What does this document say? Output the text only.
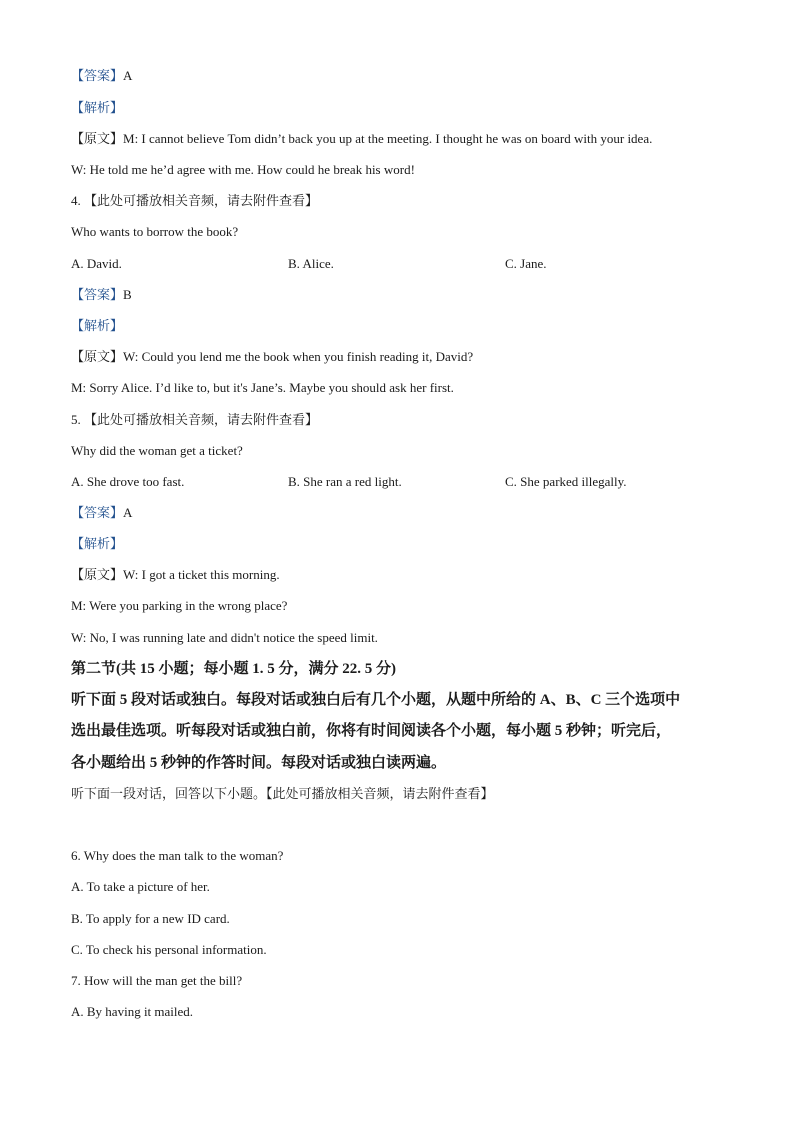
【答案】A
【解析】
【原文】M: I cannot believe Tom didn’t back you up at the meeting. I thought he was on board with your idea.
W: He told me he’d agree with me. How could he break his word!
4. 【此处可播放相关音频，请去附件查看】
Who wants to borrow the book?
A. David.	B. Alice.	C. Jane.
【答案】B
【解析】
【原文】W: Could you lend me the book when you finish reading it, David?
M: Sorry Alice. I’d like to, but it's Jane’s. Maybe you should ask her first.
5. 【此处可播放相关音频，请去附件查看】
Why did the woman get a ticket?
A. She drove too fast.	B. She ran a red light.	C. She parked illegally.
【答案】A
【解析】
【原文】W: I got a ticket this morning.
M: Were you parking in the wrong place?
W: No, I was running late and didn't notice the speed limit.
第二节(共 15 小题；每小题 1. 5 分，满分 22. 5 分)
听下面 5 段对话或独白。每段对话或独白后有几个小题，从题中所给的 A、B、C 三个选项中
选出最佳选项。听每段对话或独白前，你将有时间阅读各个小题，每小题 5 秒钟；听完后，
各小题给出 5 秒钟的作答时间。每段对话或独白读两遍。
听下面一段对话，回答以下小题。【此处可播放相关音频，请去附件查看】
6. Why does the man talk to the woman?
A. To take a picture of her.
B. To apply for a new ID card.
C. To check his personal information.
7. How will the man get the bill?
A. By having it mailed.
